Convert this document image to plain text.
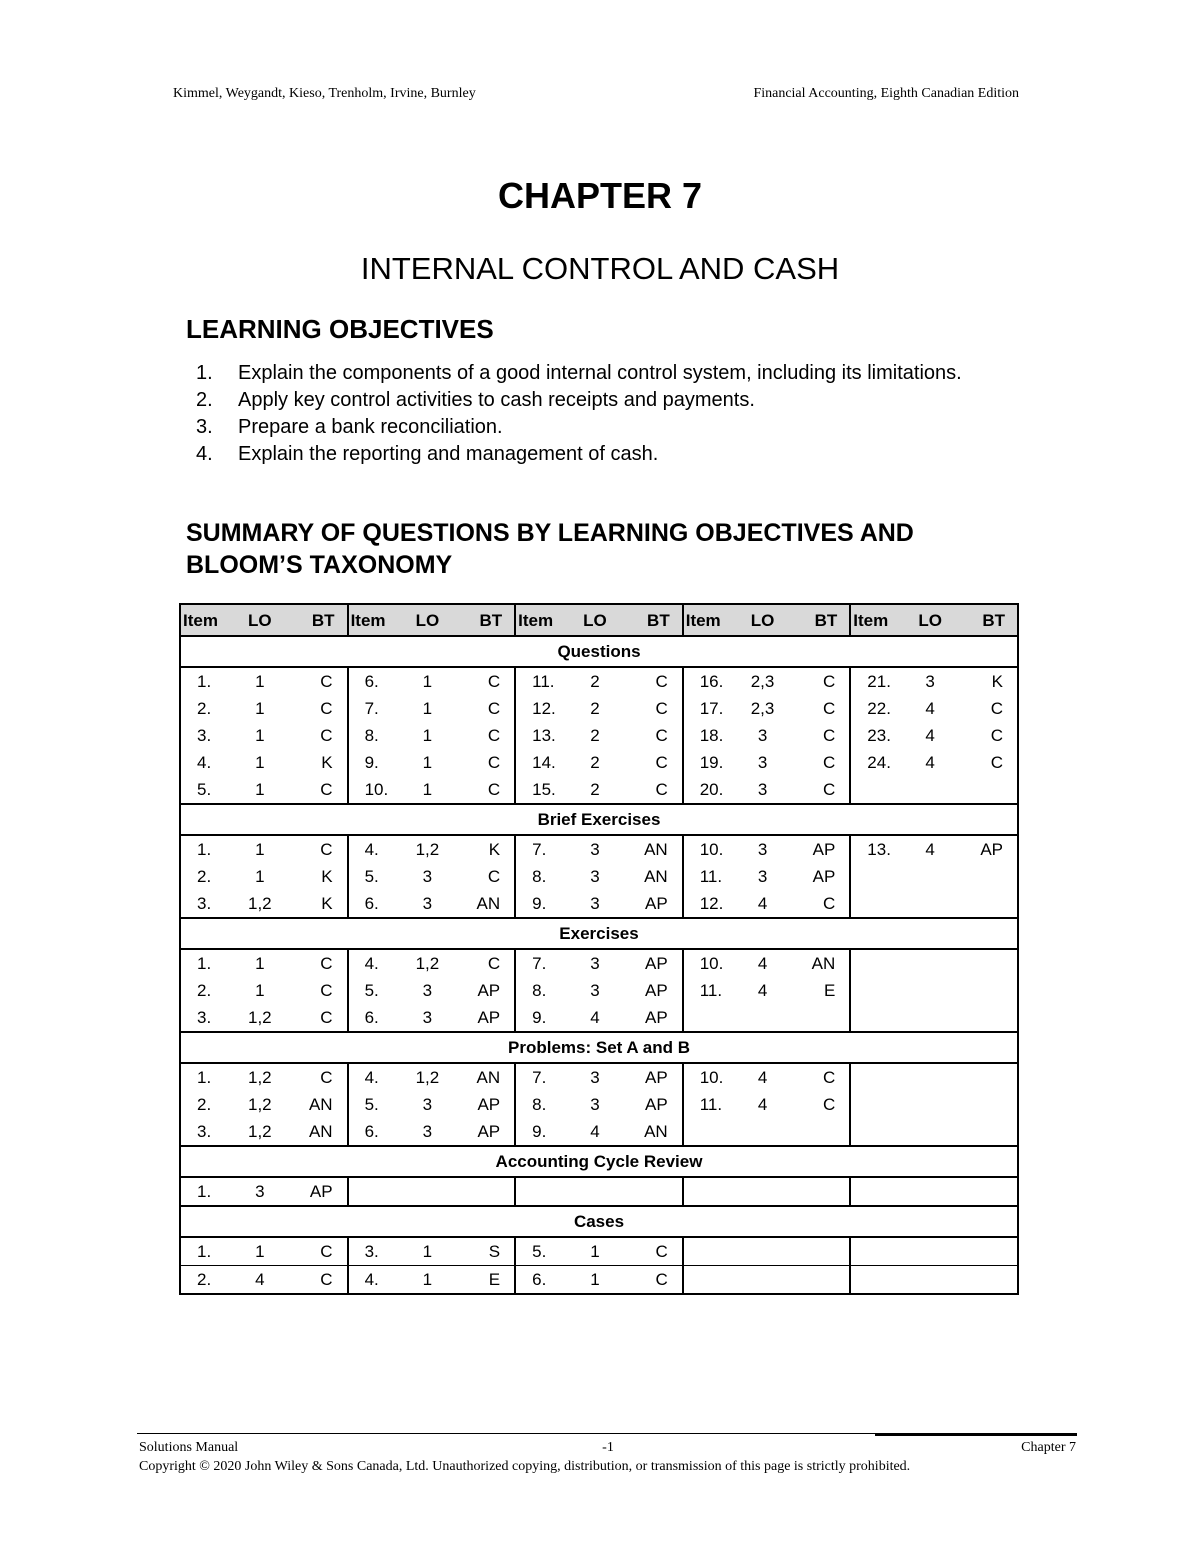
Kimmel, Weygandt, Kieso, Trenholm, Irvine, Burnley	Financial Accounting, Eighth Canadian Edition
CHAPTER 7
INTERNAL CONTROL AND CASH
LEARNING OBJECTIVES
1.	Explain the components of a good internal control system, including its limitations.
2.	Apply key control activities to cash receipts and payments.
3.	Prepare a bank reconciliation.
4.	Explain the reporting and management of cash.
SUMMARY OF QUESTIONS BY LEARNING OBJECTIVES AND BLOOM’S TAXONOMY
Item	LO	BT	Item	LO	BT	Item	LO	BT	Item	LO	BT	Item	LO	BT
Questions														
1.	1	C	6.	1	C	11.	2	C	16.	2,3	C	21.	3	K
2.	1	C	7.	1	C	12.	2	C	17.	2,3	C	22.	4	C
3.	1	C	8.	1	C	13.	2	C	18.	3	C	23.	4	C
4.	1	K	9.	1	C	14.	2	C	19.	3	C	24.	4	C
5.	1	C	10.	1	C	15.	2	C	20.	3	C			
Brief Exercises														
1.	1	C	4.	1,2	K	7.	3	AN	10.	3	AP	13.	4	AP
2.	1	K	5.	3	C	8.	3	AN	11.	3	AP			
3.	1,2	K	6.	3	AN	9.	3	AP	12.	4	C			
Exercises														
1.	1	C	4.	1,2	C	7.	3	AP	10.	4	AN			
2.	1	C	5.	3	AP	8.	3	AP	11.	4	E			
3.	1,2	C	6.	3	AP	9.	4	AP						
Problems: Set A and B														
1.	1,2	C	4.	1,2	AN	7.	3	AP	10.	4	C			
2.	1,2	AN	5.	3	AP	8.	3	AP	11.	4	C			
3.	1,2	AN	6.	3	AP	9.	4	AN						
Accounting Cycle Review														
1.	3	AP												
Cases														
1.	1	C	3.	1	S	5.	1	C						
2.	4	C	4.	1	E	6.	1	C						
Solutions Manual	-1	Chapter 7
Copyright © 2020 John Wiley & Sons Canada, Ltd. Unauthorized copying, distribution, or transmission of this page is strictly prohibited.
